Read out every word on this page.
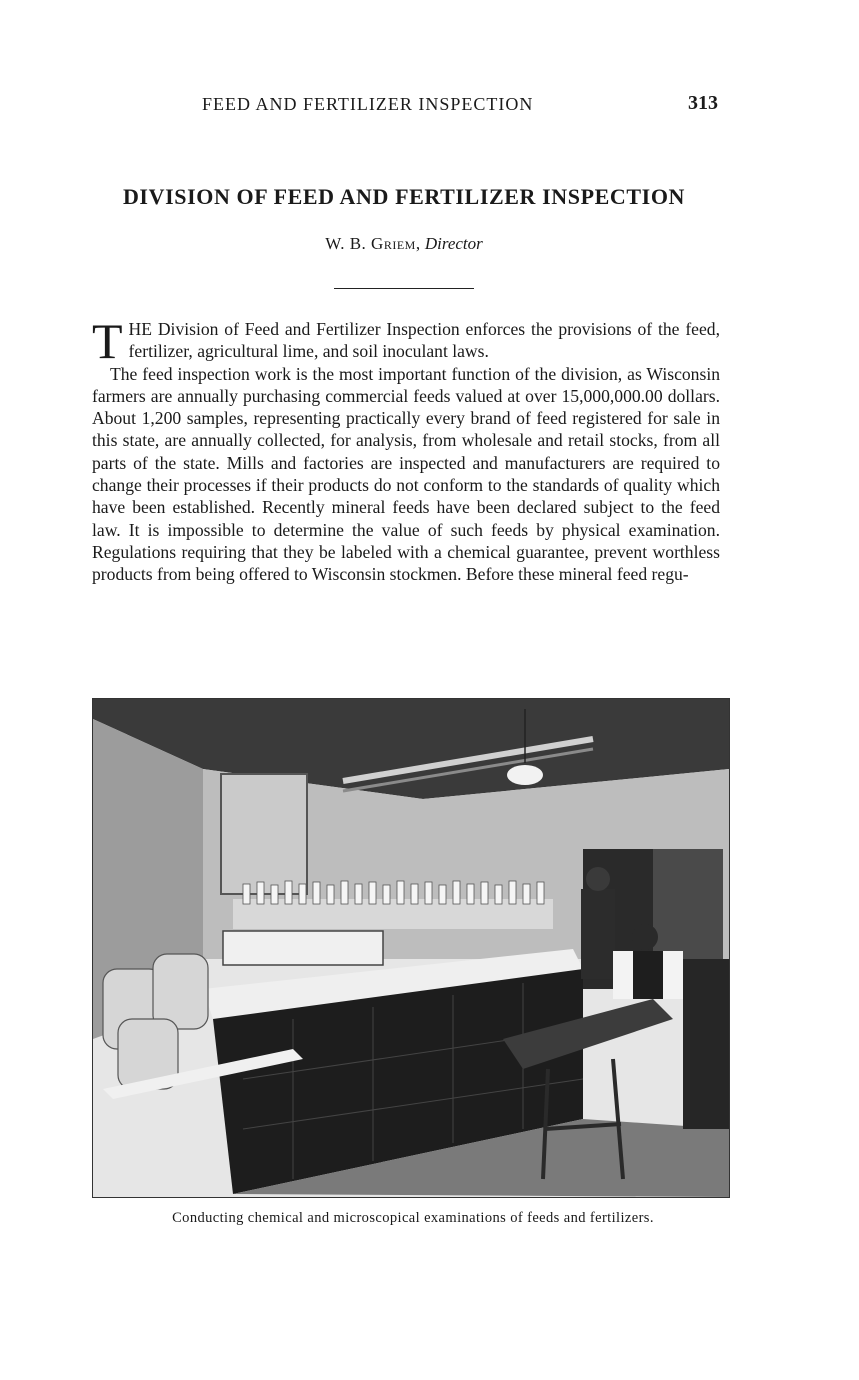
FEED AND FERTILIZER INSPECTION	313
DIVISION OF FEED AND FERTILIZER INSPECTION
W. B. Griem, Director

THE Division of Feed and Fertilizer Inspection enforces the provisions of the feed, fertilizer, agricultural lime, and soil inoculant laws.

The feed inspection work is the most important function of the division, as Wisconsin farmers are annually purchasing commercial feeds valued at over 15,000,000.00 dollars. About 1,200 samples, representing practically every brand of feed registered for sale in this state, are annually collected, for analysis, from wholesale and retail stocks, from all parts of the state. Mills and factories are inspected and manufacturers are required to change their processes if their products do not conform to the standards of quality which have been established. Recently mineral feeds have been declared subject to the feed law. It is impossible to determine the value of such feeds by physical examination. Regulations requiring that they be labeled with a chemical guarantee, prevent worthless products from being offered to Wisconsin stockmen. Before these mineral feed regu-

Conducting chemical and microscopical examinations of feeds and fertilizers.
